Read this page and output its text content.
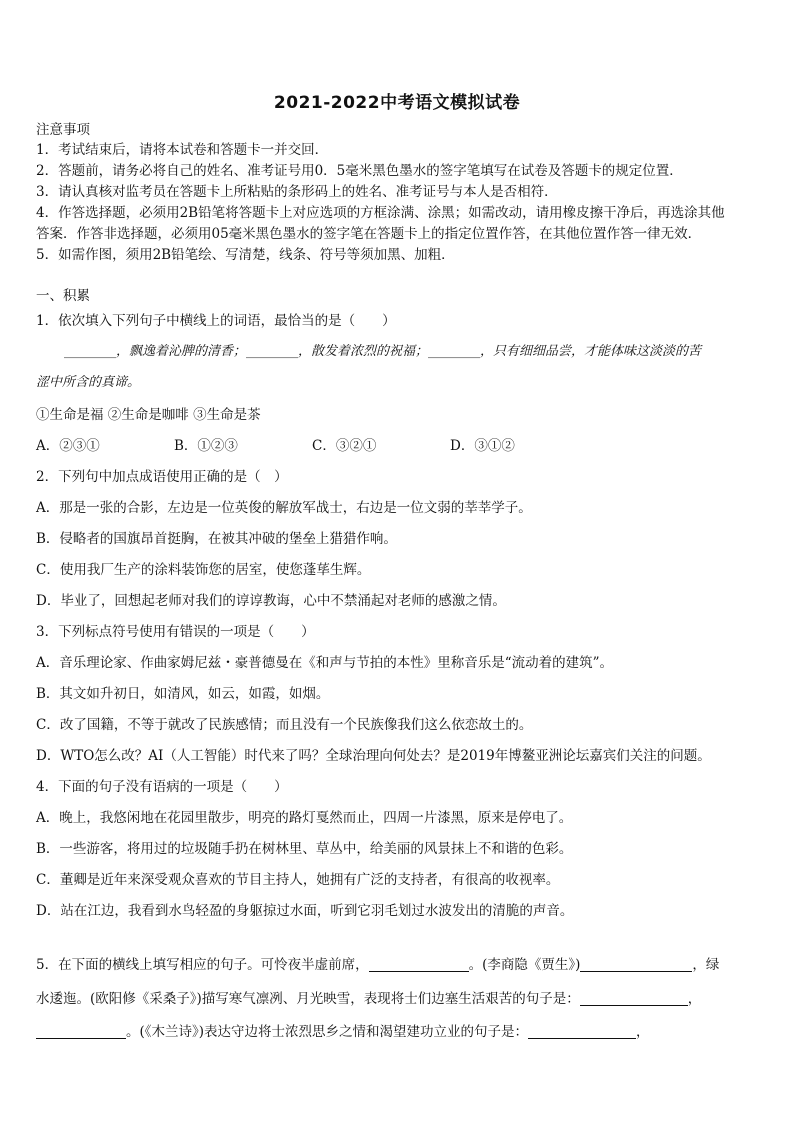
2021-2022中考语文模拟试卷
注意事项
1．考试结束后，请将本试卷和答题卡一并交回．
2．答题前，请务必将自己的姓名、准考证号用0．5毫米黑色墨水的签字笔填写在试卷及答题卡的规定位置．
3．请认真核对监考员在答题卡上所粘贴的条形码上的姓名、准考证号与本人是否相符．
4．作答选择题，必须用2B铅笔将答题卡上对应选项的方框涂满、涂黑；如需改动，请用橡皮擦干净后，再选涂其他
答案．作答非选择题，必须用05毫米黑色墨水的签字笔在答题卡上的指定位置作答，在其他位置作答一律无效．
5．如需作图，须用2B铅笔绘、写清楚，线条、符号等须加黑、加粗．
一、积累
1．依次填入下列句子中横线上的词语，最恰当的是（　　）
________，飘逸着沁脾的清香；________，散发着浓烈的祝福；________，只有细细品尝，才能体味这淡淡的苦
涩中所含的真谛。
①生命是福 ②生命是咖啡 ③生命是茶
A．②③①	B．①②③	C．③②①	D．③①②
2．下列句中加点成语使用正确的是（　）
A．那是一张的合影，左边是一位英俊的解放军战士，右边是一位文弱的莘莘学子。
B．侵略者的国旗昂首挺胸，在被其冲破的堡垒上猎猎作响。
C．使用我厂生产的涂料装饰您的居室，使您蓬荜生辉。
D．毕业了，回想起老师对我们的谆谆教诲，心中不禁涌起对老师的感激之情。
3．下列标点符号使用有错误的一项是（　　）
A．音乐理论家、作曲家姆尼兹・豪普德曼在《和声与节拍的本性》里称音乐是“流动着的建筑”。
B．其文如升初日，如清风，如云，如霞，如烟。
C．改了国籍，不等于就改了民族感情；而且没有一个民族像我们这么依恋故土的。
D．WTO怎么改？AI（人工智能）时代来了吗？全球治理向何处去？是2019年博鳌亚洲论坛嘉宾们关注的问题。
4．下面的句子没有语病的一项是（　　）
A．晚上，我悠闲地在花园里散步，明亮的路灯戛然而止，四周一片漆黑，原来是停电了。
B．一些游客，将用过的垃圾随手扔在树林里、草丛中，给美丽的风景抹上不和谐的色彩。
C．董卿是近年来深受观众喜欢的节目主持人，她拥有广泛的支持者，有很高的收视率。
D．站在江边，我看到水鸟轻盈的身躯掠过水面，听到它羽毛划过水波发出的清脆的声音。
5．在下面的横线上填写相应的句子。可怜夜半虚前席，	。(李商隐《贾生》)	，绿
水逶迤。(欧阳修《采桑子》)描写寒气凛冽、月光映雪，表现将士们边塞生活艰苦的句子是：	，
。(《木兰诗》)表达守边将士浓烈思乡之情和渴望建功立业的句子是：	，
